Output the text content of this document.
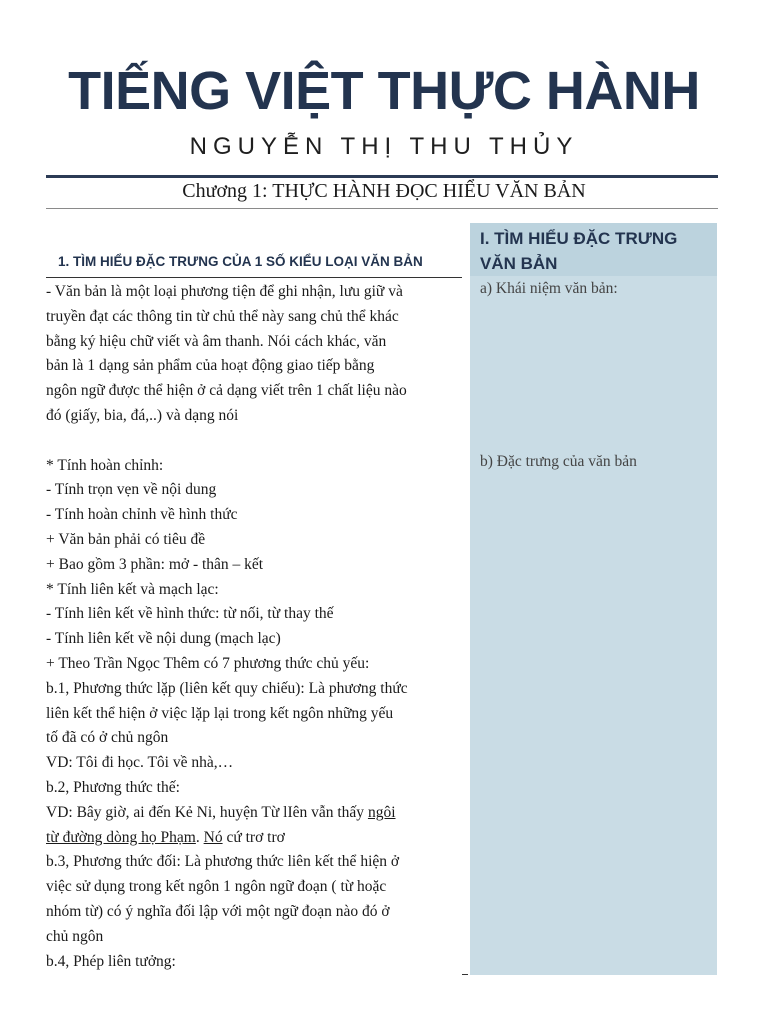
TIẾNG VIỆT THỰC HÀNH
NGUYỄN THỊ THU THỦY
Chương 1: THỰC HÀNH ĐỌC HIỂU VĂN BẢN
1. TÌM HIỂU ĐẶC TRƯNG CỦA 1 SỐ KIỂU LOẠI VĂN BẢN
- Văn bản là một loại phương tiện để ghi nhận, lưu giữ và
truyền đạt các thông tin từ chủ thể này sang chủ thể khác
bằng ký hiệu chữ viết và âm thanh. Nói cách khác, văn
bản là 1 dạng sản phẩm của hoạt động giao tiếp bằng
ngôn ngữ được thể hiện ở cả dạng viết trên 1 chất liệu nào
đó (giấy, bia, đá,..) và dạng nói

* Tính hoàn chỉnh:
- Tính trọn vẹn về nội dung
- Tính hoàn chỉnh về hình thức
+ Văn bản phải có tiêu đề
+ Bao gồm 3 phần: mở - thân – kết
* Tính liên kết và mạch lạc:
- Tính liên kết về hình thức: từ nối, từ thay thế
- Tính liên kết về nội dung (mạch lạc)
+ Theo Trần Ngọc Thêm có 7 phương thức chủ yếu:
b.1, Phương thức lặp (liên kết quy chiếu): Là phương thức
liên kết thể hiện ở việc lặp lại trong kết ngôn những yếu
tố đã có ở chủ ngôn
VD: Tôi đi học. Tôi về nhà,…
b.2, Phương thức thế:
VD: Bây giờ, ai đến Kẻ Ni, huyện Từ lIên vẫn thấy ngôi
từ đường dòng họ Phạm. Nó cứ trơ trơ
b.3, Phương thức đối: Là phương thức liên kết thể hiện ở
việc sử dụng trong kết ngôn 1 ngôn ngữ đoạn ( từ hoặc
nhóm từ) có ý nghĩa đối lập với một ngữ đoạn nào đó ở
chủ ngôn
b.4, Phép liên tưởng:
I. TÌM HIỂU ĐẶC TRƯNG VĂN BẢN
a) Khái niệm văn bản:
b) Đặc trưng của văn bản
